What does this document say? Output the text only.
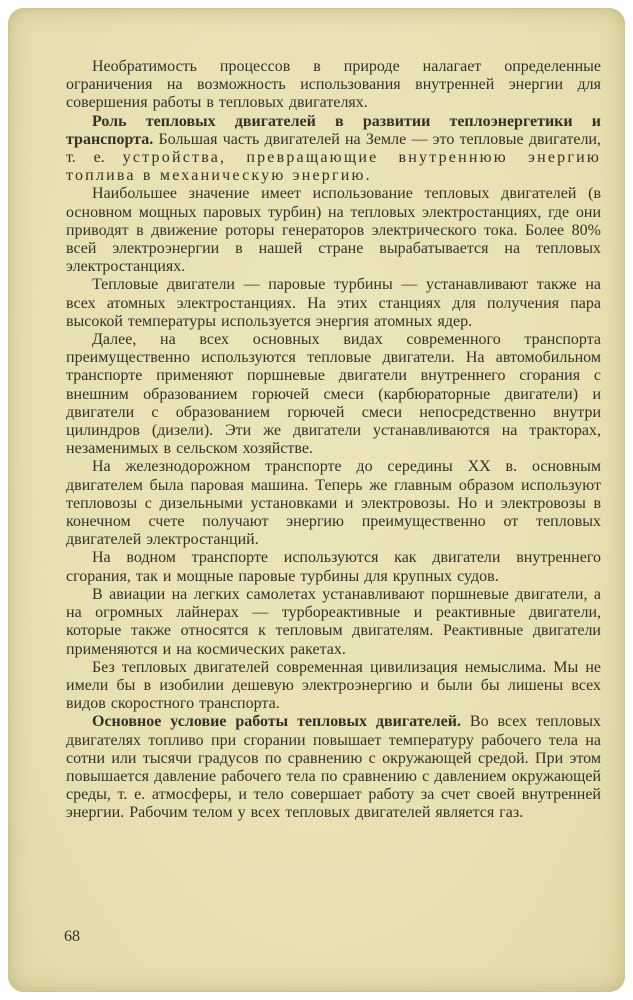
Необратимость процессов в природе налагает определенные ограничения на возможность использования внутренней энергии для совершения работы в тепловых двигателях.

Роль тепловых двигателей в развитии теплоэнергетики и транспорта. Большая часть двигателей на Земле — это тепловые двигатели, т. е. устройства, превращающие внутреннюю энергию топлива в механическую энергию.

Наибольшее значение имеет использование тепловых двигателей (в основном мощных паровых турбин) на тепловых электростанциях, где они приводят в движение роторы генераторов электрического тока. Более 80% всей электроэнергии в нашей стране вырабатывается на тепловых электростанциях.

Тепловые двигатели — паровые турбины — устанавливают также на всех атомных электростанциях. На этих станциях для получения пара высокой температуры используется энергия атомных ядер.

Далее, на всех основных видах современного транспорта преимущественно используются тепловые двигатели. На автомобильном транспорте применяют поршневые двигатели внутреннего сгорания с внешним образованием горючей смеси (карбюраторные двигатели) и двигатели с образованием горючей смеси непосредственно внутри цилиндров (дизели). Эти же двигатели устанавливаются на тракторах, незаменимых в сельском хозяйстве.

На железнодорожном транспорте до середины XX в. основным двигателем была паровая машина. Теперь же главным образом используют тепловозы с дизельными установками и электровозы. Но и электровозы в конечном счете получают энергию преимущественно от тепловых двигателей электростанций.

На водном транспорте используются как двигатели внутреннего сгорания, так и мощные паровые турбины для крупных судов.

В авиации на легких самолетах устанавливают поршневые двигатели, а на огромных лайнерах — турбореактивные и реактивные двигатели, которые также относятся к тепловым двигателям. Реактивные двигатели применяются и на космических ракетах.

Без тепловых двигателей современная цивилизация немыслима. Мы не имели бы в изобилии дешевую электроэнергию и были бы лишены всех видов скоростного транспорта.

Основное условие работы тепловых двигателей. Во всех тепловых двигателях топливо при сгорании повышает температуру рабочего тела на сотни или тысячи градусов по сравнению с окружающей средой. При этом повышается давление рабочего тела по сравнению с давлением окружающей среды, т. е. атмосферы, и тело совершает работу за счет своей внутренней энергии. Рабочим телом у всех тепловых двигателей является газ.

68
